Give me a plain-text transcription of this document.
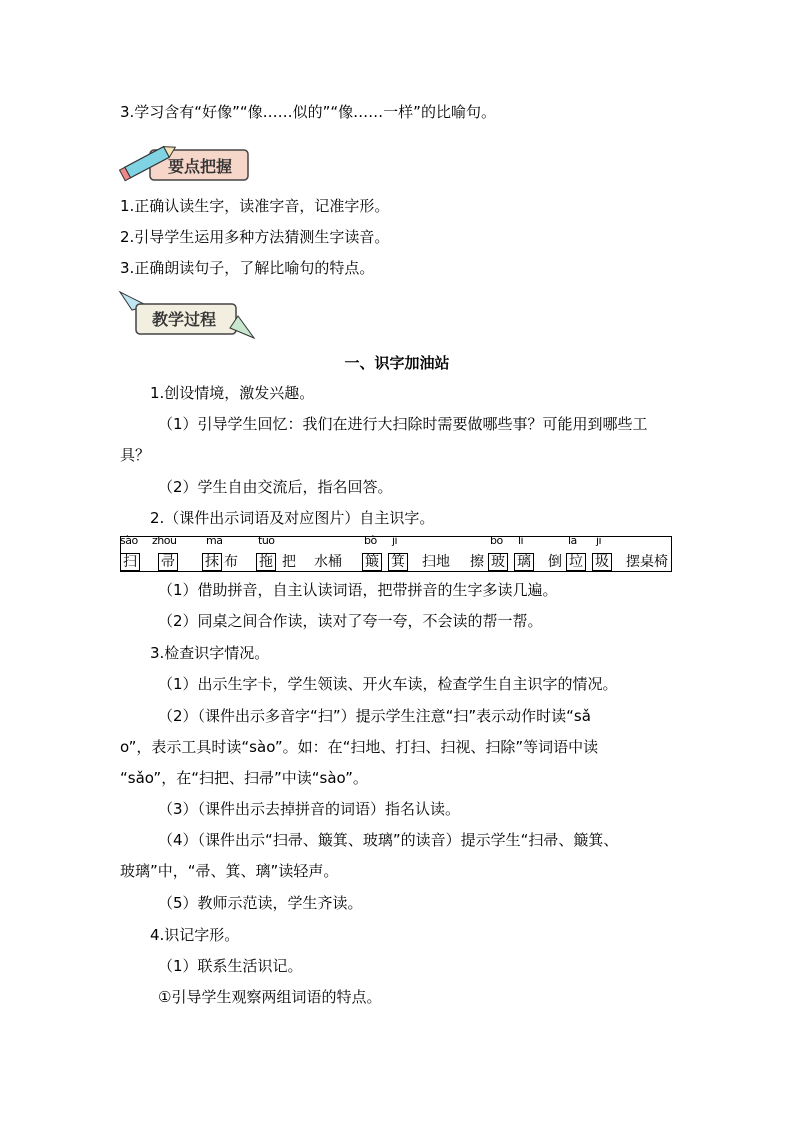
3.学习含有“好像”“像……似的”“像……一样”的比喻句。
要点把握
1.正确认读生字，读准字音，记准字形。
2.引导学生运用多种方法猜测生字读音。
3.正确朗读句子，了解比喻句的特点。
教学过程
一、识字加油站
1.创设情境，激发兴趣。
（1）引导学生回忆：我们在进行大扫除时需要做哪些事？可能用到哪些工
具？
（2）学生自由交流后，指名回答。
2.（课件出示词语及对应图片）自主识字。
sào
扫
zhou
帚
mā
抹 布
tuō
拖 把 水桶
bò
簸
ji
箕 扫地 擦
bō
玻
li
璃 倒
lā
垃
jī
圾 摆桌椅
（1）借助拼音，自主认读词语，把带拼音的生字多读几遍。
（2）同桌之间合作读，读对了夸一夸，不会读的帮一帮。
3.检查识字情况。
（1）出示生字卡，学生领读、开火车读，检查学生自主识字的情况。
（2）（课件出示多音字“扫”）提示学生注意“扫”表示动作时读“sǎ
o”，表示工具时读“sào”。如：在“扫地、打扫、扫视、扫除”等词语中读
“sǎo”，在“扫把、扫帚”中读“sào”。
（3）（课件出示去掉拼音的词语）指名认读。
（4）（课件出示“扫帚、簸箕、玻璃”的读音）提示学生“扫帚、簸箕、
玻璃”中，“帚、箕、璃”读轻声。
（5）教师示范读，学生齐读。
4.识记字形。
（1）联系生活识记。
①引导学生观察两组词语的特点。
